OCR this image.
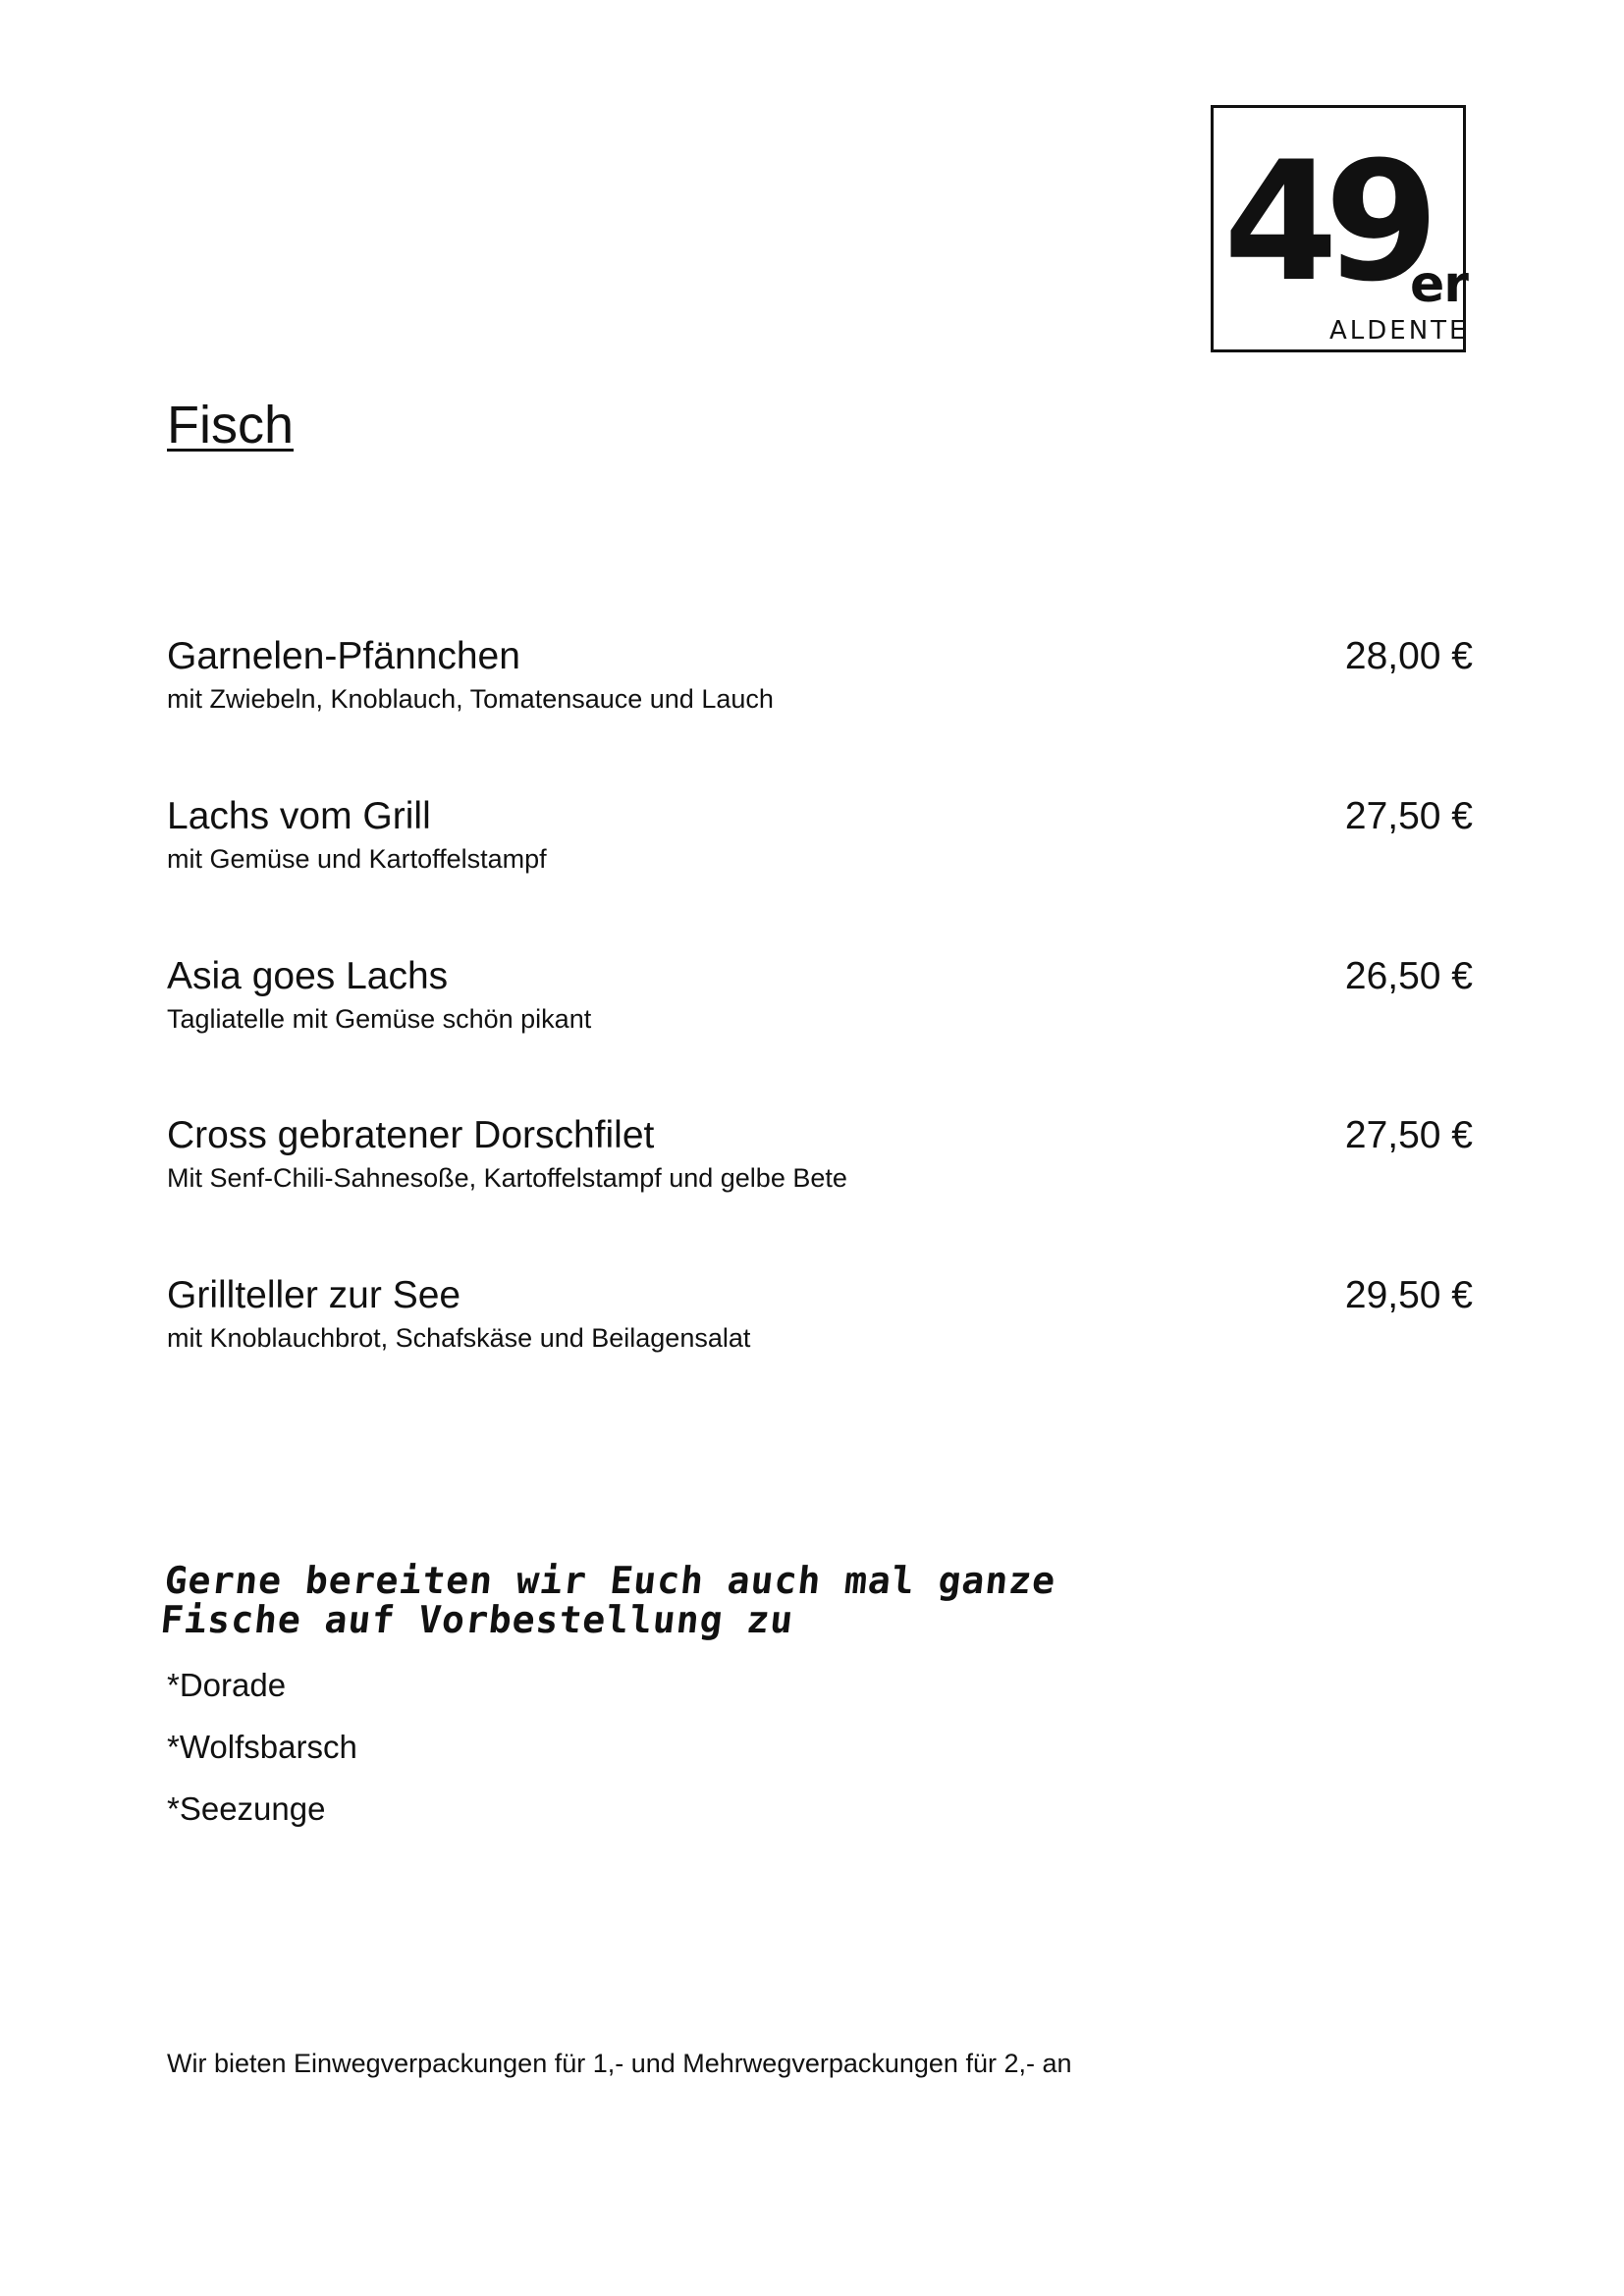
49
er
ALDENTE
Fisch
Garnelen-Pfännchen
mit Zwiebeln, Knoblauch, Tomatensauce und Lauch
28,00 €
Lachs vom Grill
mit Gemüse und Kartoffelstampf
27,50 €
Asia goes Lachs
Tagliatelle mit Gemüse schön pikant
26,50 €
Cross gebratener Dorschfilet
Mit Senf-Chili-Sahnesoße, Kartoffelstampf und gelbe Bete
27,50 €
Grillteller zur See
mit Knoblauchbrot, Schafskäse und Beilagensalat
29,50 €
Gerne bereiten wir Euch auch mal ganze
Fische auf Vorbestellung zu
*Dorade
*Wolfsbarsch
*Seezunge
Wir bieten Einwegverpackungen für 1,- und Mehrwegverpackungen für 2,- an
